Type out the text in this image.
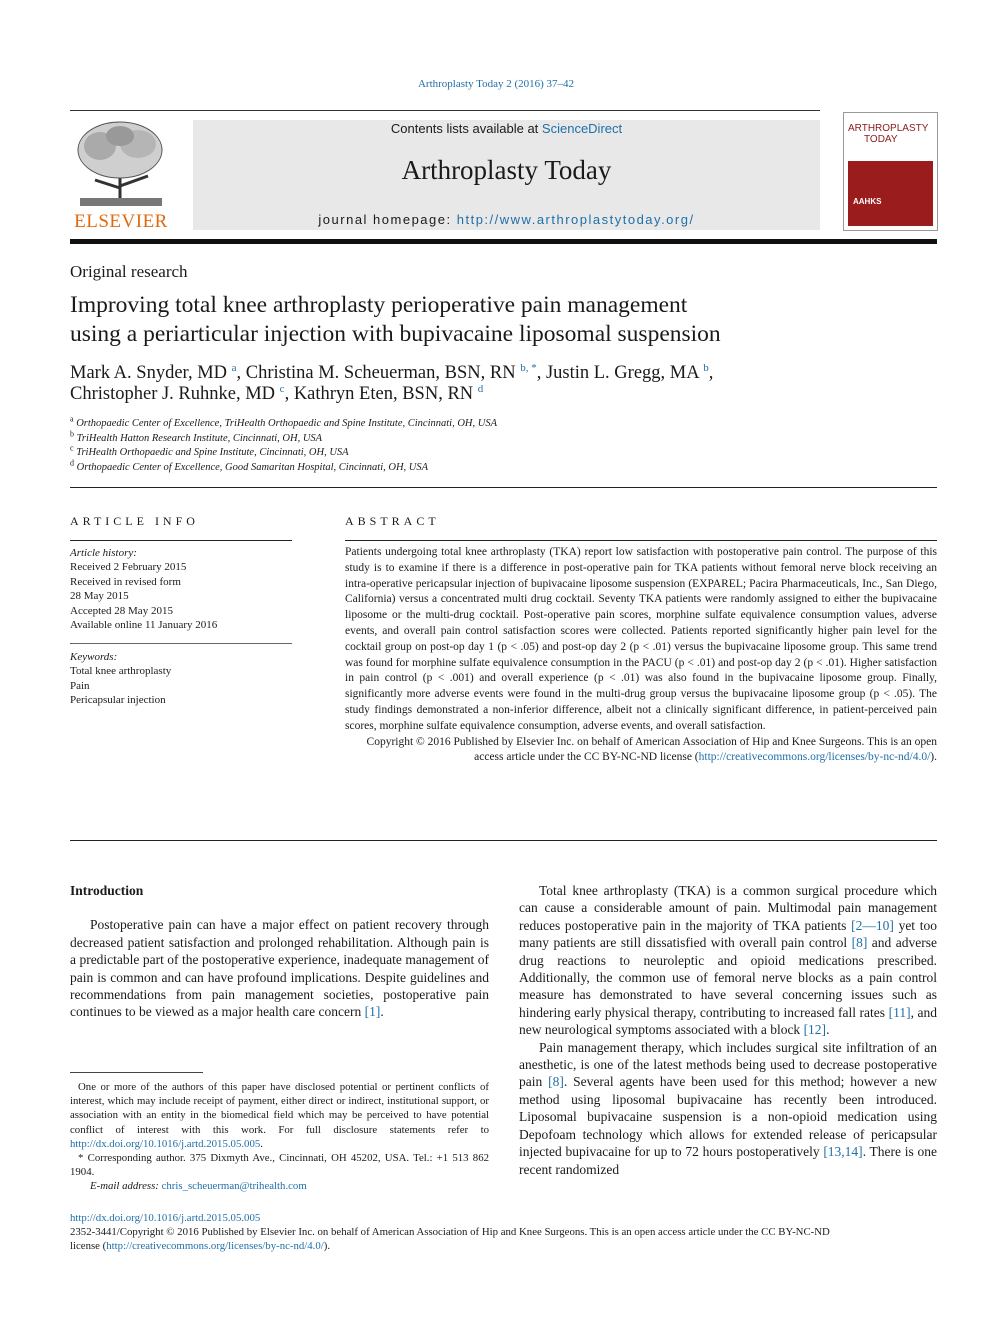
Arthroplasty Today 2 (2016) 37–42
ELSEVIER
Contents lists available at ScienceDirect
Arthroplasty Today
journal homepage: http://www.arthroplastytoday.org/
ARTHROPLASTY
TODAY
AAHKS
Original research
Improving total knee arthroplasty perioperative pain management
using a periarticular injection with bupivacaine liposomal suspension
Mark A. Snyder, MD $^a$, Christina M. Scheuerman, BSN, RN $^{b, *}$, Justin L. Gregg, MA $^b$,
Christopher J. Ruhnke, MD $^c$, Kathryn Eten, BSN, RN $^d$
$^a$ Orthopaedic Center of Excellence, TriHealth Orthopaedic and Spine Institute, Cincinnati, OH, USA
$^b$ TriHealth Hatton Research Institute, Cincinnati, OH, USA
$^c$ TriHealth Orthopaedic and Spine Institute, Cincinnati, OH, USA
$^d$ Orthopaedic Center of Excellence, Good Samaritan Hospital, Cincinnati, OH, USA
ARTICLE INFO
Article history:
Received 2 February 2015
Received in revised form
28 May 2015
Accepted 28 May 2015
Available online 11 January 2016
Keywords:
Total knee arthroplasty
Pain
Pericapsular injection
ABSTRACT

Patients undergoing total knee arthroplasty (TKA) report low satisfaction with postoperative pain control. The purpose of this study is to examine if there is a difference in post-operative pain for TKA patients without femoral nerve block receiving an intra-operative pericapsular injection of bupivacaine liposome suspension (EXPAREL; Pacira Pharmaceuticals, Inc., San Diego, California) versus a concentrated multi drug cocktail. Seventy TKA patients were randomly assigned to either the bupivacaine liposome or the multi-drug cocktail. Post-operative pain scores, morphine sulfate equivalence consumption values, adverse events, and overall pain control satisfaction scores were collected. Patients reported significantly higher pain level for the cocktail group on post-op day 1 (p < .05) and post-op day 2 (p < .01) versus the bupivacaine liposome group. This same trend was found for morphine sulfate equivalence consumption in the PACU (p < .01) and post-op day 2 (p < .01). Higher satisfaction in pain control (p < .001) and overall experience (p < .01) was also found in the bupivacaine liposome group. Finally, significantly more adverse events were found in the multi-drug group versus the bupivacaine liposome group (p < .05). The study findings demonstrated a non-inferior difference, albeit not a clinically significant difference, in patient-perceived pain scores, morphine sulfate equivalence consumption, adverse events, and overall satisfaction.

Copyright © 2016 Published by Elsevier Inc. on behalf of American Association of Hip and Knee Surgeons. This is an open access article under the CC BY-NC-ND license (http://creativecommons.org/licenses/by-nc-nd/4.0/).

Introduction

Postoperative pain can have a major effect on patient recovery through decreased patient satisfaction and prolonged rehabilitation. Although pain is a predictable part of the postoperative experience, inadequate management of pain is common and can have profound implications. Despite guidelines and recommendations from pain management societies, postoperative pain continues to be viewed as a major health care concern [1].

Total knee arthroplasty (TKA) is a common surgical procedure which can cause a considerable amount of pain. Multimodal pain management reduces postoperative pain in the majority of TKA patients [2—10] yet too many patients are still dissatisfied with overall pain control [8] and adverse drug reactions to neuroleptic and opioid medications prescribed. Additionally, the common use of femoral nerve blocks as a pain control measure has demonstrated to have several concerning issues such as hindering early physical therapy, contributing to increased fall rates [11], and new neurological symptoms associated with a block [12].

Pain management therapy, which includes surgical site infiltration of an anesthetic, is one of the latest methods being used to decrease postoperative pain [8]. Several agents have been used for this method; however a new method using liposomal bupivacaine has recently been introduced. Liposomal bupivacaine suspension is a non-opioid medication using Depofoam technology which allows for extended release of pericapsular injected bupivacaine for up to 72 hours postoperatively [13,14]. There is one recent randomized

One or more of the authors of this paper have disclosed potential or pertinent conflicts of interest, which may include receipt of payment, either direct or indirect, institutional support, or association with an entity in the biomedical field which may be perceived to have potential conflict of interest with this work. For full disclosure statements refer to http://dx.doi.org/10.1016/j.artd.2015.05.005.

* Corresponding author. 375 Dixmyth Ave., Cincinnati, OH 45202, USA. Tel.: +1 513 862 1904.

E-mail address: chris_scheuerman@trihealth.com

http://dx.doi.org/10.1016/j.artd.2015.05.005

2352-3441/Copyright © 2016 Published by Elsevier Inc. on behalf of American Association of Hip and Knee Surgeons. This is an open access article under the CC BY-NC-ND

license (http://creativecommons.org/licenses/by-nc-nd/4.0/).
